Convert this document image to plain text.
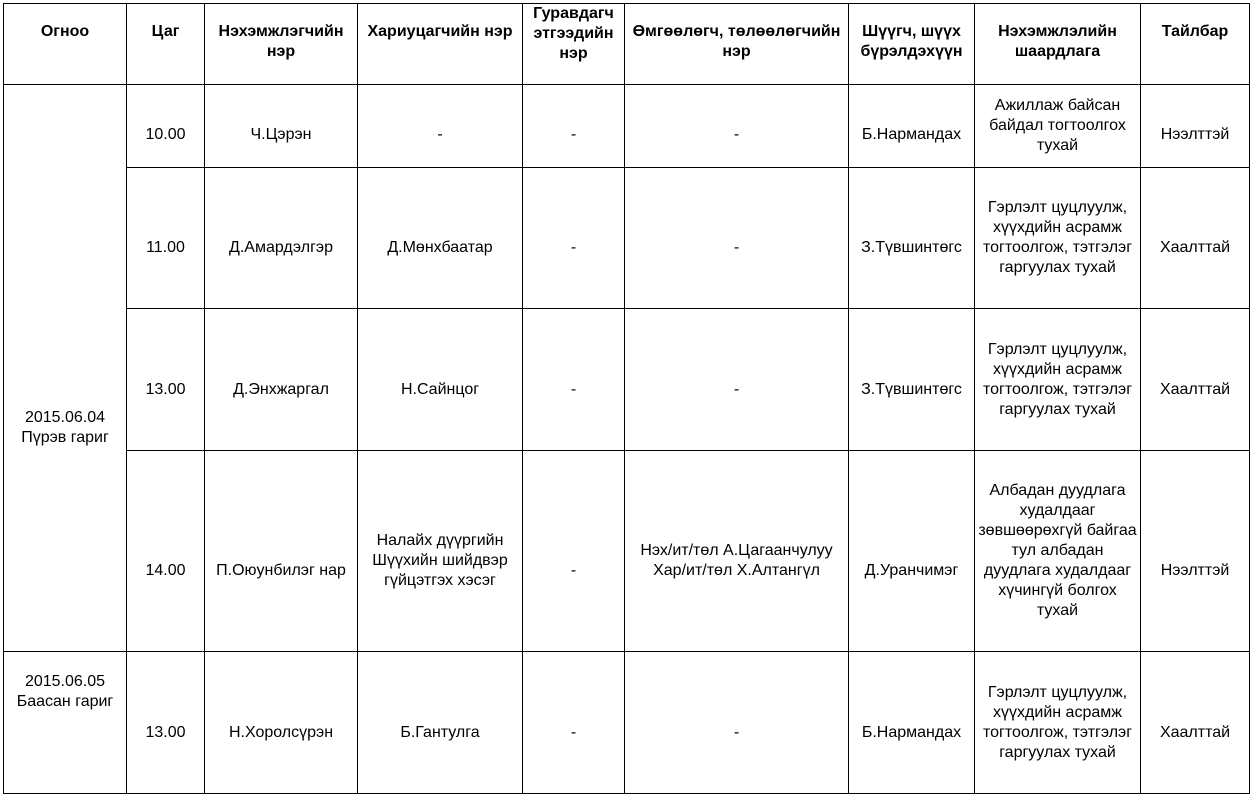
Огноо	Цаг	Нэхэмжлэгчийн нэр	Хариуцагчийн нэр	Гуравдагч этгээдийн нэр	Өмгөөлөгч, төлөөлөгчийн нэр	Шүүгч, шүүх бүрэлдэхүүн	Нэхэмжлэлийн шаардлага	Тайлбар

2015.06.04
Пүрэв гариг	10.00	Ч.Цэрэн	-	-	-	Б.Нармандах	Ажиллаж байсан байдал тогтоолгох тухай	Нээлттэй
	11.00	Д.Амардэлгэр	Д.Мөнхбаатар	-	-	З.Түвшинтөгс	Гэрлэлт цуцлуулж, хүүхдийн асрамж тогтоолгож, тэтгэлэг гаргуулах тухай	Хаалттай
	13.00	Д.Энхжаргал	Н.Сайнцог	-	-	З.Түвшинтөгс	Гэрлэлт цуцлуулж, хүүхдийн асрамж тогтоолгож, тэтгэлэг гаргуулах тухай	Хаалттай
	14.00	П.Оюунбилэг нар	Налайх дүүргийн Шүүхийн шийдвэр гүйцэтгэх хэсэг	-	Нэх/ит/төл А.Цагаанчулуу Хар/ит/төл Х.Алтангүл	Д.Уранчимэг	Албадан дуудлага худалдааг зөвшөөрөхгүй байгаа тул албадан дуудлага худалдааг хүчингүй болгох тухай	Нээлттэй

2015.06.05
Баасан гариг	13.00	Н.Хоролсүрэн	Б.Гантулга	-	-	Б.Нармандах	Гэрлэлт цуцлуулж, хүүхдийн асрамж тогтоолгож, тэтгэлэг гаргуулах тухай	Хаалттай
